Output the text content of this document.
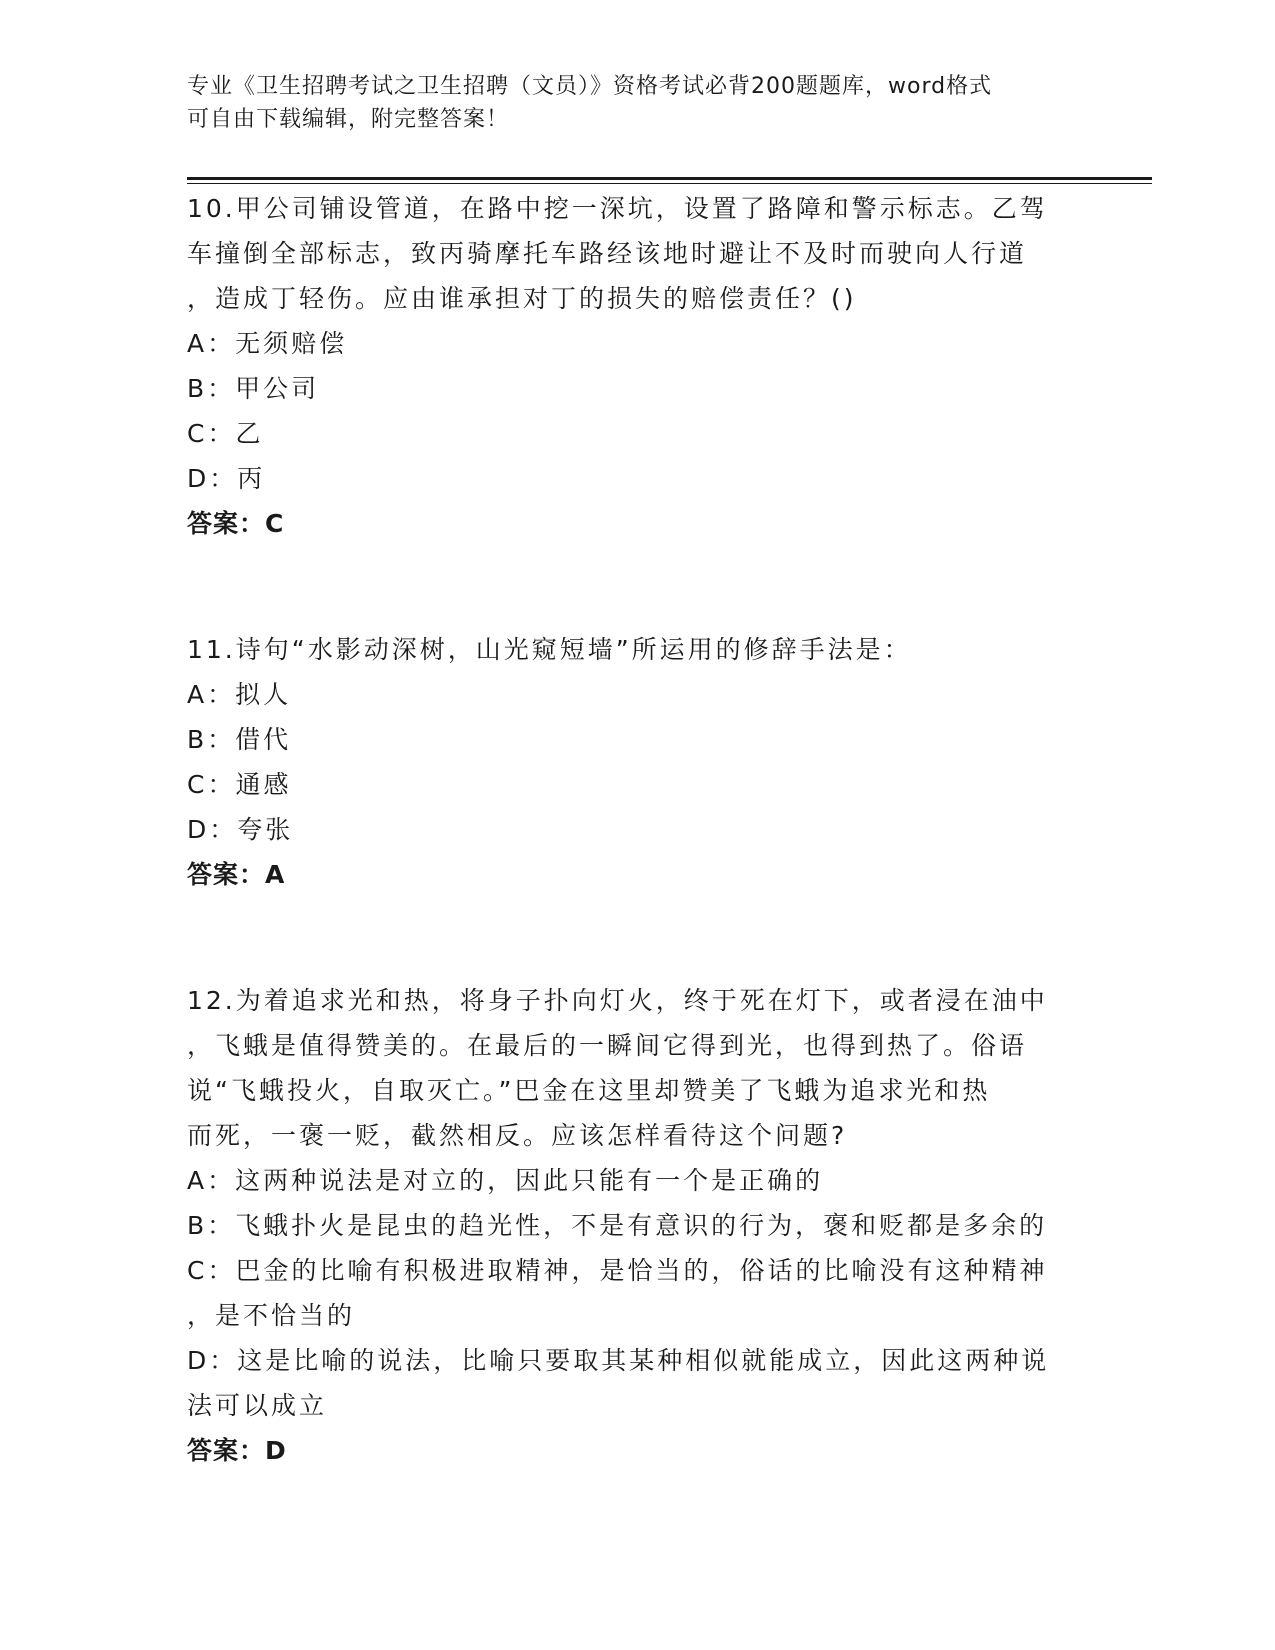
专业《卫生招聘考试之卫生招聘（文员）》资格考试必背200题题库，word格式
可自由下载编辑，附完整答案！
10.甲公司铺设管道，在路中挖一深坑，设置了路障和警示标志。乙驾
车撞倒全部标志，致丙骑摩托车路经该地时避让不及时而驶向人行道
，造成丁轻伤。应由谁承担对丁的损失的赔偿责任？()
A：无须赔偿
B：甲公司
C：乙
D：丙
答案：C
11.诗句“水影动深树，山光窥短墙”所运用的修辞手法是：
A：拟人
B：借代
C：通感
D：夸张
答案：A
12.为着追求光和热，将身子扑向灯火，终于死在灯下，或者浸在油中
，飞蛾是值得赞美的。在最后的一瞬间它得到光，也得到热了。俗语
说“飞蛾投火，自取灭亡。”巴金在这里却赞美了飞蛾为追求光和热
而死，一褒一贬，截然相反。应该怎样看待这个问题?
A：这两种说法是对立的，因此只能有一个是正确的
B：飞蛾扑火是昆虫的趋光性，不是有意识的行为，褒和贬都是多余的
C：巴金的比喻有积极进取精神，是恰当的，俗话的比喻没有这种精神
，是不恰当的
D：这是比喻的说法，比喻只要取其某种相似就能成立，因此这两种说
法可以成立
答案：D
